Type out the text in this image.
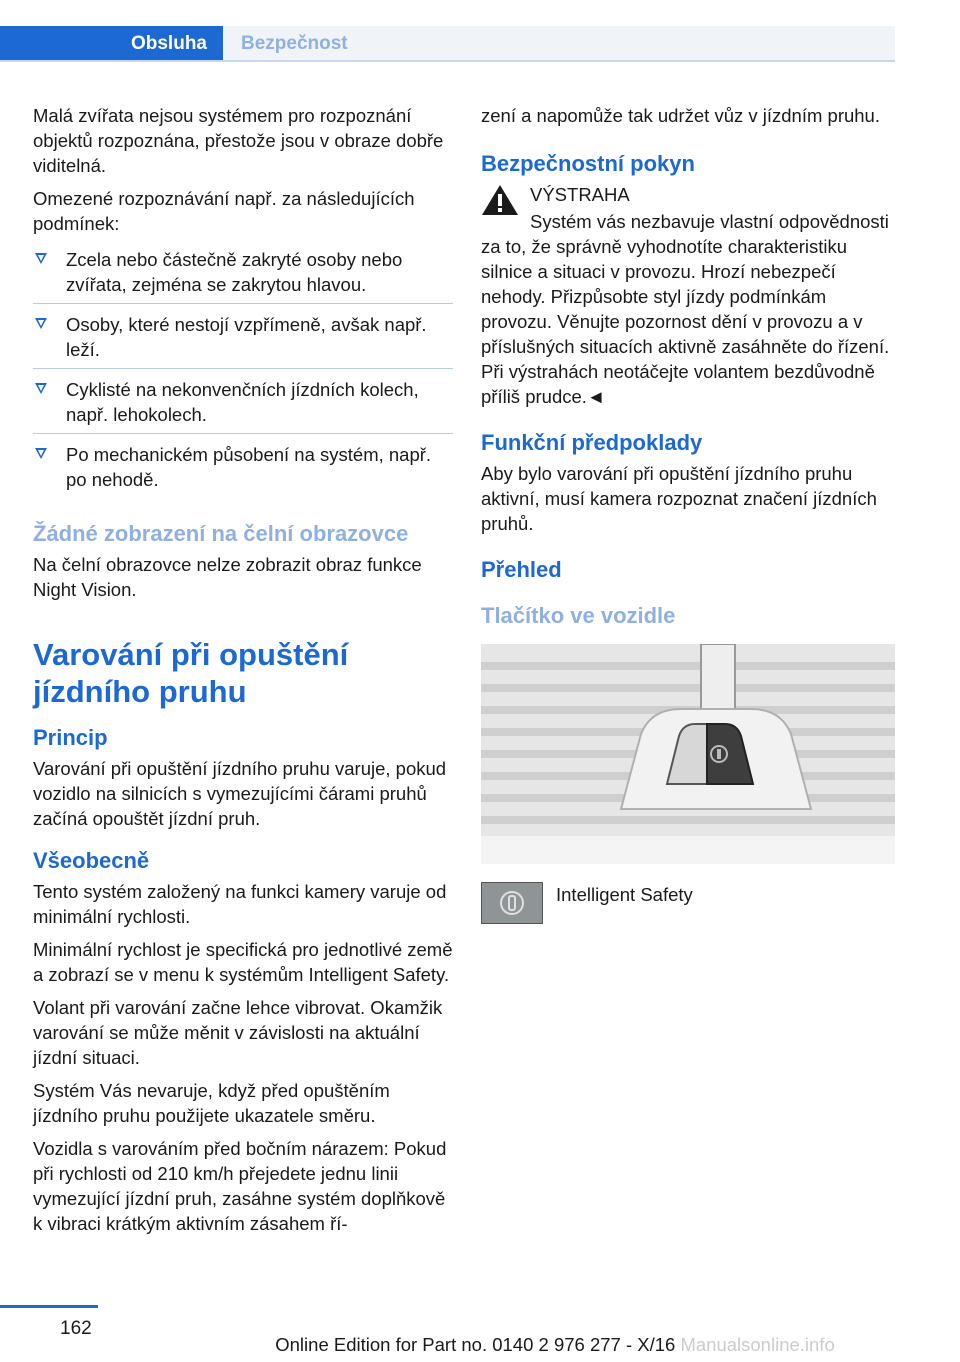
Obsluha Bezpečnost

Malá zvířata nejsou systémem pro rozpoznání objektů rozpoznána, přestože jsou v obraze dobře viditelná.

Omezené rozpoznávání např. za následujících podmínek:

Zcela nebo částečně zakryté osoby nebo zvířata, zejména se zakrytou hlavou.
Osoby, které nestojí vzpřímeně, avšak např. leží.
Cyklisté na nekonvenčních jízdních kolech, např. lehokolech.
Po mechanickém působení na systém, např. po nehodě.
Žádné zobrazení na čelní obrazovce

Na čelní obrazovce nelze zobrazit obraz funkce Night Vision.

Varování při opuštění jízdního pruhu
Princip

Varování při opuštění jízdního pruhu varuje, pokud vozidlo na silnicích s vymezujícími čárami pruhů začíná opouštět jízdní pruh.

Všeobecně

Tento systém založený na funkci kamery varuje od minimální rychlosti.

Minimální rychlost je specifická pro jednotlivé země a zobrazí se v menu k systémům Intelligent Safety.

Volant při varování začne lehce vibrovat. Okamžik varování se může měnit v závislosti na aktuální jízdní situaci.

Systém Vás nevaruje, když před opuštěním jízdního pruhu použijete ukazatele směru.

Vozidla s varováním před bočním nárazem: Pokud při rychlosti od 210 km/h přejedete jednu linii vymezující jízdní pruh, zasáhne systém doplňkově k vibraci krátkým aktivním zásahem ří-

zení a napomůže tak udržet vůz v jízdním pruhu.

Bezpečnostní pokyn

VÝSTRAHA

Systém vás nezbavuje vlastní odpovědnosti za to, že správně vyhodnotíte charakteristiku silnice a situaci v provozu. Hrozí nebezpečí nehody. Přizpůsobte styl jízdy podmínkám provozu. Věnujte pozornost dění v provozu a v příslušných situacích aktivně zasáhněte do řízení. Při výstrahách neotáčejte volantem bezdůvodně příliš prudce.◄

Funkční předpoklady

Aby bylo varování při opuštění jízdního pruhu aktivní, musí kamera rozpoznat značení jízdních pruhů.

Přehled
Tlačítko ve vozidle
Intelligent Safety
162
Online Edition for Part no. 0140 2 976 277 - X/16 Manualsonline.info
